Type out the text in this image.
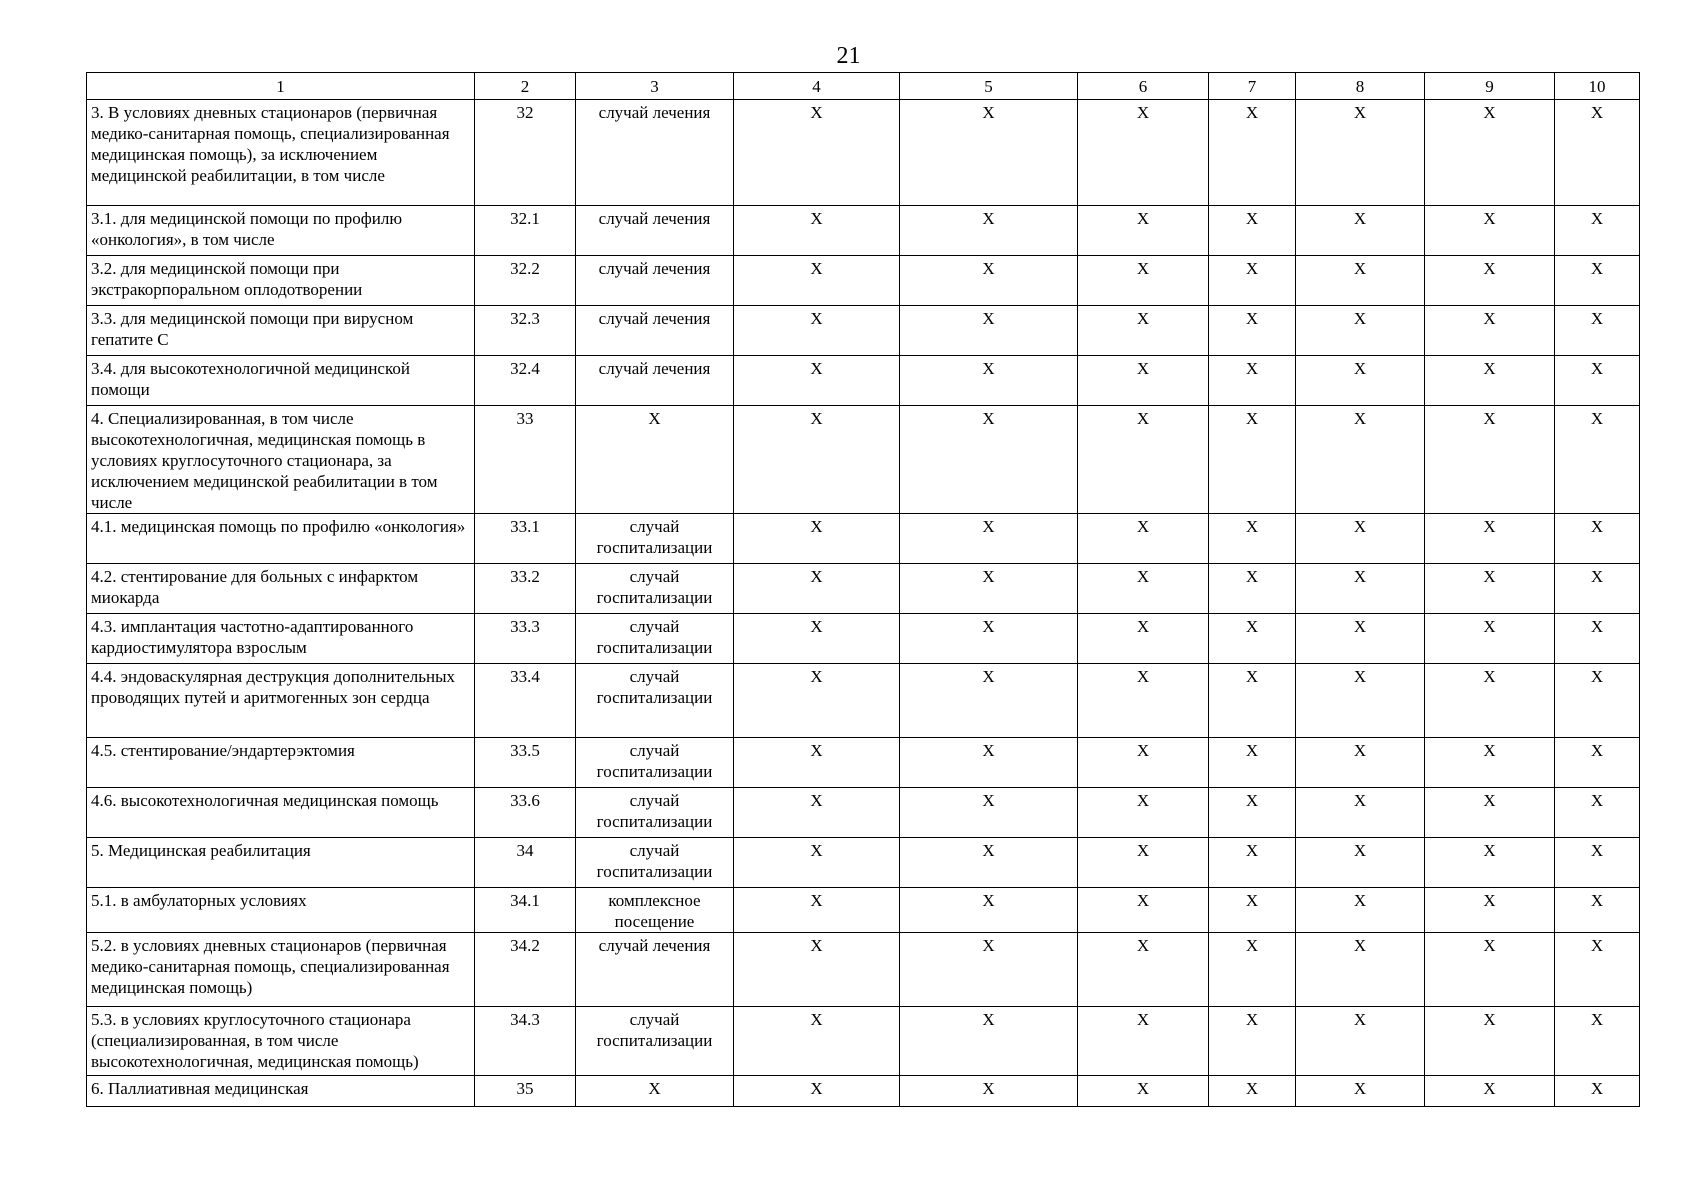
21
1	2	3	4	5	6	7	8	9	10
3. В условиях дневных стационаров (первичная медико-санитарная помощь, специализированная медицинская помощь), за исключением медицинской реабилитации, в том числе	32	случай лечения	X	X	X	X	X	X	X
3.1. для медицинской помощи по профилю «онкология», в том числе	32.1	случай лечения	X	X	X	X	X	X	X
3.2. для медицинской помощи при экстракорпоральном оплодотворении	32.2	случай лечения	X	X	X	X	X	X	X
3.3. для медицинской помощи при вирусном гепатите С	32.3	случай лечения	X	X	X	X	X	X	X
3.4. для высокотехнологичной медицинской помощи	32.4	случай лечения	X	X	X	X	X	X	X
4. Специализированная, в том числе высокотехнологичная, медицинская помощь в условиях круглосуточного стационара, за исключением медицинской реабилитации в том числе	33	X	X	X	X	X	X	X	X
4.1. медицинская помощь по профилю «онкология»	33.1	случай госпитализации	X	X	X	X	X	X	X
4.2. стентирование для больных с инфарктом миокарда	33.2	случай госпитализации	X	X	X	X	X	X	X
4.3. имплантация частотно-адаптированного кардиостимулятора взрослым	33.3	случай госпитализации	X	X	X	X	X	X	X
4.4. эндоваскулярная деструкция дополнительных проводящих путей и аритмогенных зон сердца	33.4	случай госпитализации	X	X	X	X	X	X	X
4.5. стентирование/эндартерэктомия	33.5	случай госпитализации	X	X	X	X	X	X	X
4.6. высокотехнологичная медицинская помощь	33.6	случай госпитализации	X	X	X	X	X	X	X
5. Медицинская реабилитация	34	случай госпитализации	X	X	X	X	X	X	X
5.1. в амбулаторных условиях	34.1	комплексное посещение	X	X	X	X	X	X	X
5.2. в условиях дневных стационаров (первичная медико-санитарная помощь, специализированная медицинская помощь)	34.2	случай лечения	X	X	X	X	X	X	X
5.3. в условиях круглосуточного стационара (специализированная, в том числе высокотехнологичная, медицинская помощь)	34.3	случай госпитализации	X	X	X	X	X	X	X
6. Паллиативная медицинская	35	X	X	X	X	X	X	X	X
